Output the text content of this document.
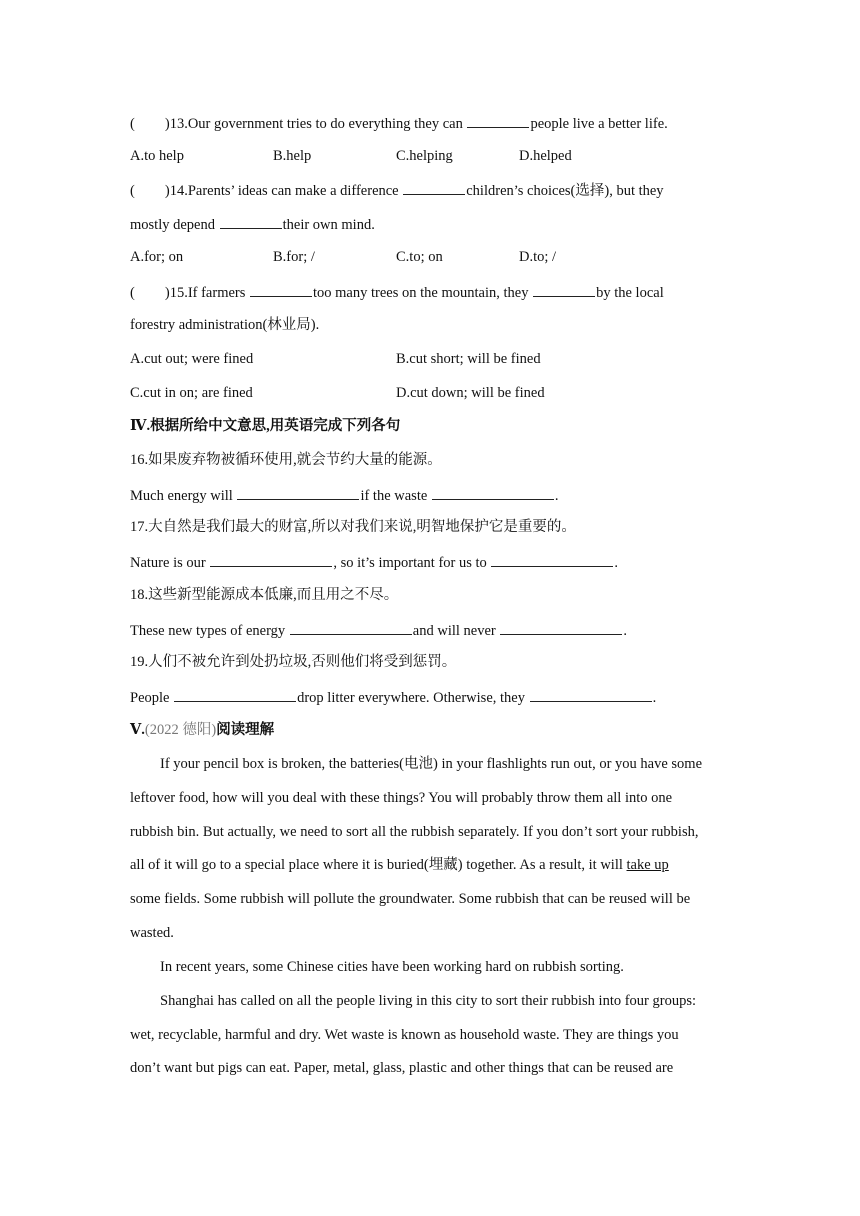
( )13.Our government tries to do everything they can	people live a better life.
A.to help	B.help	C.helping	D.helped
( )14.Parents’ ideas can make a difference	children’s choices(选择), but they
mostly depend	their own mind.
A.for; on	B.for; /	C.to; on	D.to; /
( )15.If farmers	too many trees on the mountain, they	by the local
forestry administration(林业局).
A.cut out; were fined	B.cut short; will be fined
C.cut in on; are fined	D.cut down; will be fined
Ⅳ.根据所给中文意思,用英语完成下列各句
16.如果废弃物被循环使用,就会节约大量的能源。
Much energy will	if the waste	.
17.大自然是我们最大的财富,所以对我们来说,明智地保护它是重要的。
Nature is our	, so it’s important for us to	.
18.这些新型能源成本低廉,而且用之不尽。
These new types of energy	and will never	.
19.人们不被允许到处扔垃圾,否则他们将受到惩罚。
People	drop litter everywhere. Otherwise, they	.
Ⅴ.(2022 德阳)阅读理解
If your pencil box is broken, the batteries(电池) in your flashlights run out, or you have some
leftover food, how will you deal with these things? You will probably throw them all into one
rubbish bin. But actually, we need to sort all the rubbish separately. If you don’t sort your rubbish,
all of it will go to a special place where it is buried(埋藏) together. As a result, it will take up
some fields. Some rubbish will pollute the groundwater. Some rubbish that can be reused will be
wasted.
In recent years, some Chinese cities have been working hard on rubbish sorting.
Shanghai has called on all the people living in this city to sort their rubbish into four groups:
wet, recyclable, harmful and dry. Wet waste is known as household waste. They are things you
don’t want but pigs can eat. Paper, metal, glass, plastic and other things that can be reused are
